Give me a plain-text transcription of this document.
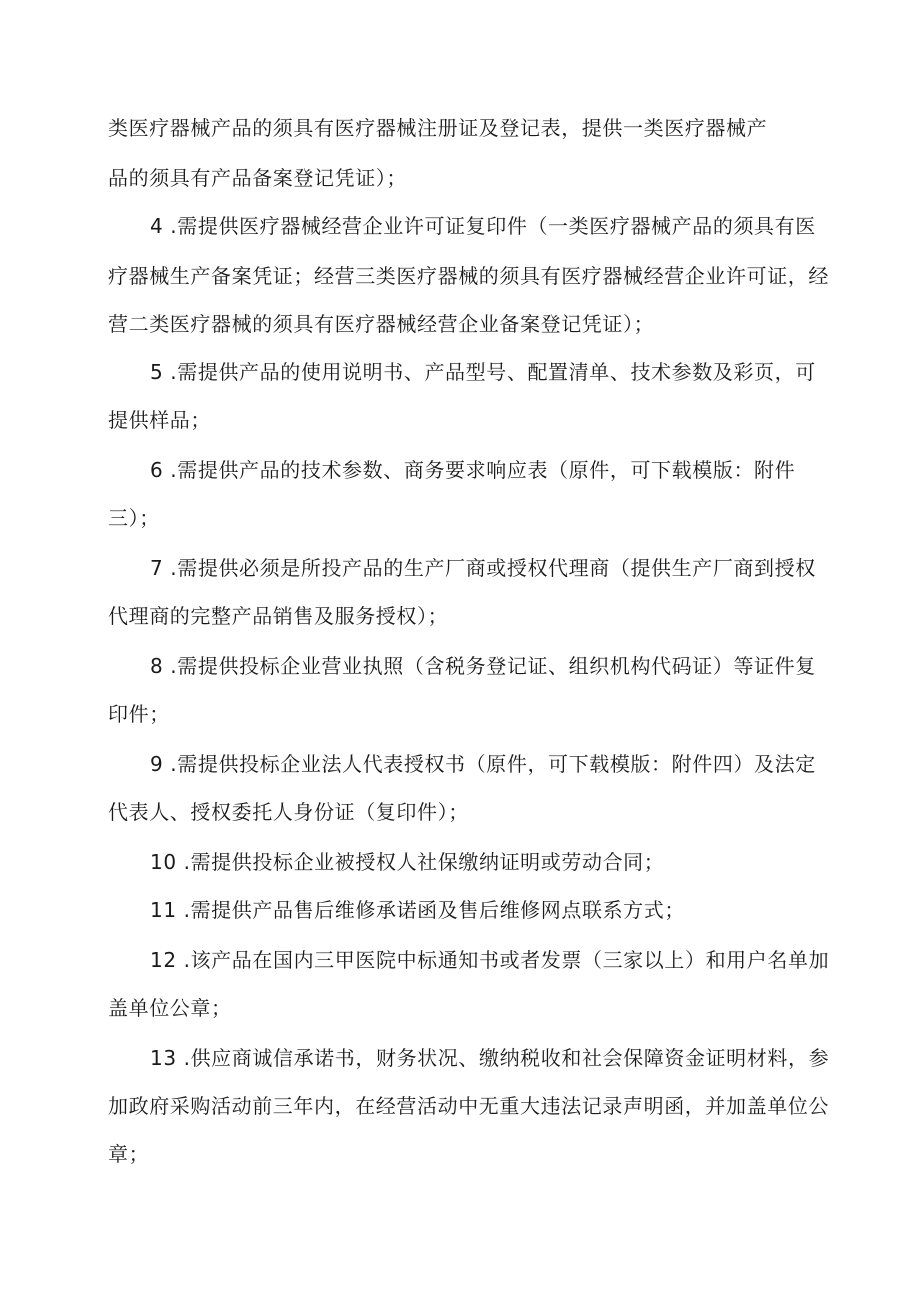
类医疗器械产品的须具有医疗器械注册证及登记表，提供一类医疗器械产
品的须具有产品备案登记凭证）；
4 .需提供医疗器械经营企业许可证复印件（一类医疗器械产品的须具有医
疗器械生产备案凭证；经营三类医疗器械的须具有医疗器械经营企业许可证，经
营二类医疗器械的须具有医疗器械经营企业备案登记凭证）；
5 .需提供产品的使用说明书、产品型号、配置清单、技术参数及彩页，可
提供样品；
6 .需提供产品的技术参数、商务要求响应表（原件，可下载模版：附件
三）；
7 .需提供必须是所投产品的生产厂商或授权代理商（提供生产厂商到授权
代理商的完整产品销售及服务授权）；
8 .需提供投标企业营业执照（含税务登记证、组织机构代码证）等证件复
印件；
9 .需提供投标企业法人代表授权书（原件，可下载模版：附件四）及法定
代表人、授权委托人身份证（复印件）；
10 .需提供投标企业被授权人社保缴纳证明或劳动合同；
11 .需提供产品售后维修承诺函及售后维修网点联系方式；
12 .该产品在国内三甲医院中标通知书或者发票（三家以上）和用户名单加
盖单位公章；
13 .供应商诚信承诺书，财务状况、缴纳税收和社会保障资金证明材料，参
加政府采购活动前三年内，在经营活动中无重大违法记录声明函，并加盖单位公
章；
